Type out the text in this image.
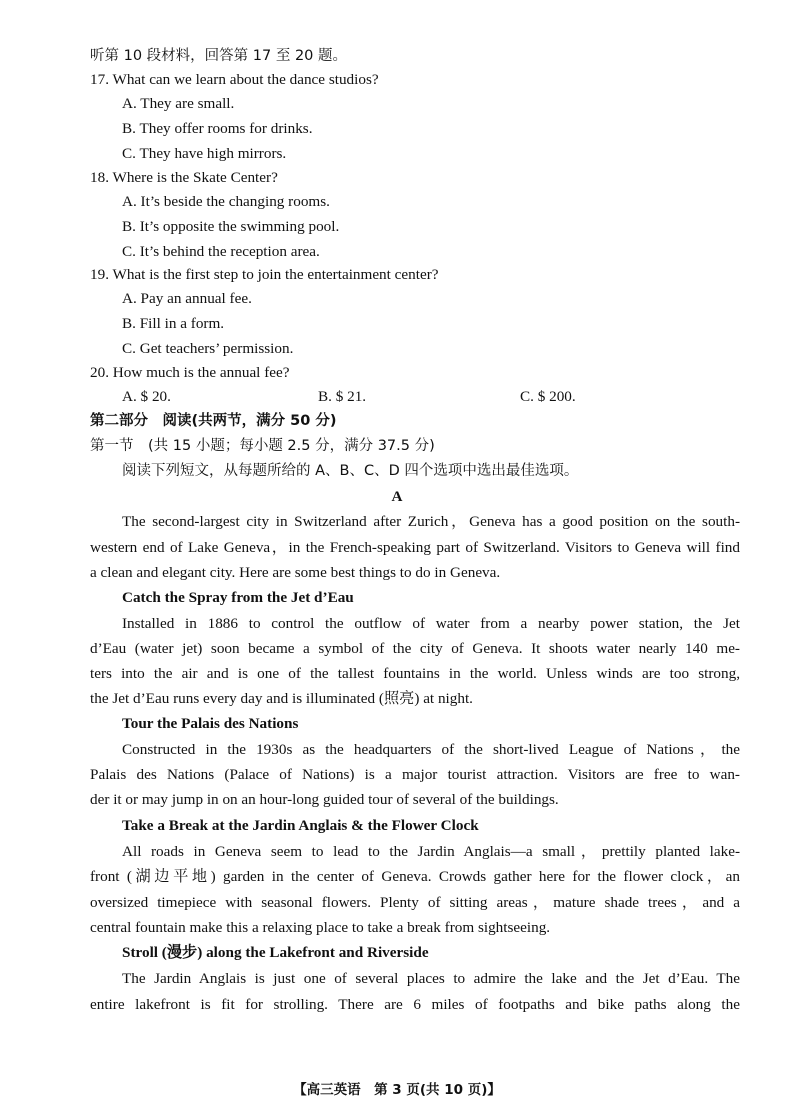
听第 10 段材料，回答第 17 至 20 题。
17. What can we learn about the dance studios?
A. They are small.
B. They offer rooms for drinks.
C. They have high mirrors.
18. Where is the Skate Center?
A. It’s beside the changing rooms.
B. It’s opposite the swimming pool.
C. It’s behind the reception area.
19. What is the first step to join the entertainment center?
A. Pay an annual fee.
B. Fill in a form.
C. Get teachers’ permission.
20. How much is the annual fee?
A. $ 20.	B. $ 21.	C. $ 200.
第二部分　阅读(共两节，满分 50 分)
第一节　(共 15 小题；每小题 2.5 分，满分 37.5 分)
阅读下列短文，从每题所给的 A、B、C、D 四个选项中选出最佳选项。
A
The second-largest city in Switzerland after Zurich，Geneva has a good position on the south-
western end of Lake Geneva，in the French-speaking part of Switzerland. Visitors to Geneva will find
a clean and elegant city. Here are some best things to do in Geneva.
Catch the Spray from the Jet d’Eau
Installed in 1886 to control the outflow of water from a nearby power station, the Jet
d’Eau (water jet) soon became a symbol of the city of Geneva. It shoots water nearly 140 me-
ters into the air and is one of the tallest fountains in the world. Unless winds are too strong,
the Jet d’Eau runs every day and is illuminated (照亮) at night.
Tour the Palais des Nations
Constructed in the 1930s as the headquarters of the short-lived League of Nations，the
Palais des Nations (Palace of Nations) is a major tourist attraction. Visitors are free to wan-
der it or may jump in on an hour-long guided tour of several of the buildings.
Take a Break at the Jardin Anglais & the Flower Clock
All roads in Geneva seem to lead to the Jardin Anglais—a small，prettily planted lake-
front (湖边平地) garden in the center of Geneva. Crowds gather here for the flower clock，an
oversized timepiece with seasonal flowers. Plenty of sitting areas，mature shade trees，and a
central fountain make this a relaxing place to take a break from sightseeing.
Stroll (漫步) along the Lakefront and Riverside
The Jardin Anglais is just one of several places to admire the lake and the Jet d’Eau. The
entire lakefront is fit for strolling. There are 6 miles of footpaths and bike paths along the
【高三英语　第 3 页(共 10 页)】
